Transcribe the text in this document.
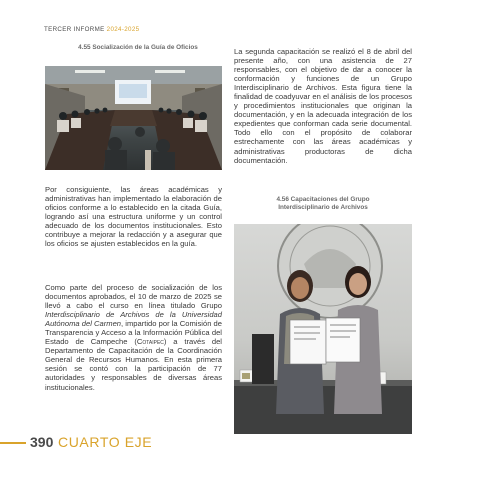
TERCER INFORME 2024-2025
4.55 Socialización de la Guía de Oficios
Por consiguiente, las áreas académicas y administrativas han implementado la elaboración de oficios conforme a lo establecido en la citada Guía, logrando así una estructura uniforme y un control adecuado de los documentos institucionales. Esto contribuye a mejorar la redacción y a asegurar que los oficios se ajusten establecidos en la guía.
Como parte del proceso de socialización de los documentos aprobados, el 10 de marzo de 2025 se llevó a cabo el curso en línea titulado Grupo Interdisciplinario de Archivos de la Universidad Autónoma del Carmen, impartido por la Comisión de Transparencia y Acceso a la Información Pública del Estado de Campeche (Cotaipec) a través del Departamento de Capacitación de la Coordinación General de Recursos Humanos. En esta primera sesión se contó con la participación de 77 autoridades y responsables de diversas áreas institucionales.
La segunda capacitación se realizó el 8 de abril del presente año, con una asistencia de 27 responsables, con el objetivo de dar a conocer la conformación y funciones de un Grupo Interdisciplinario de Archivos. Esta figura tiene la finalidad de coadyuvar en el análisis de los procesos y procedimientos institucionales que originan la documentación, y en la adecuada integración de los expedientes que conforman cada serie documental. Todo ello con el propósito de colaborar estrechamente con las áreas académicas y administrativas productoras de dicha documentación.
4.56 Capacitaciones del Grupo
Interdisciplinario de Archivos
390 CUARTO EJE
